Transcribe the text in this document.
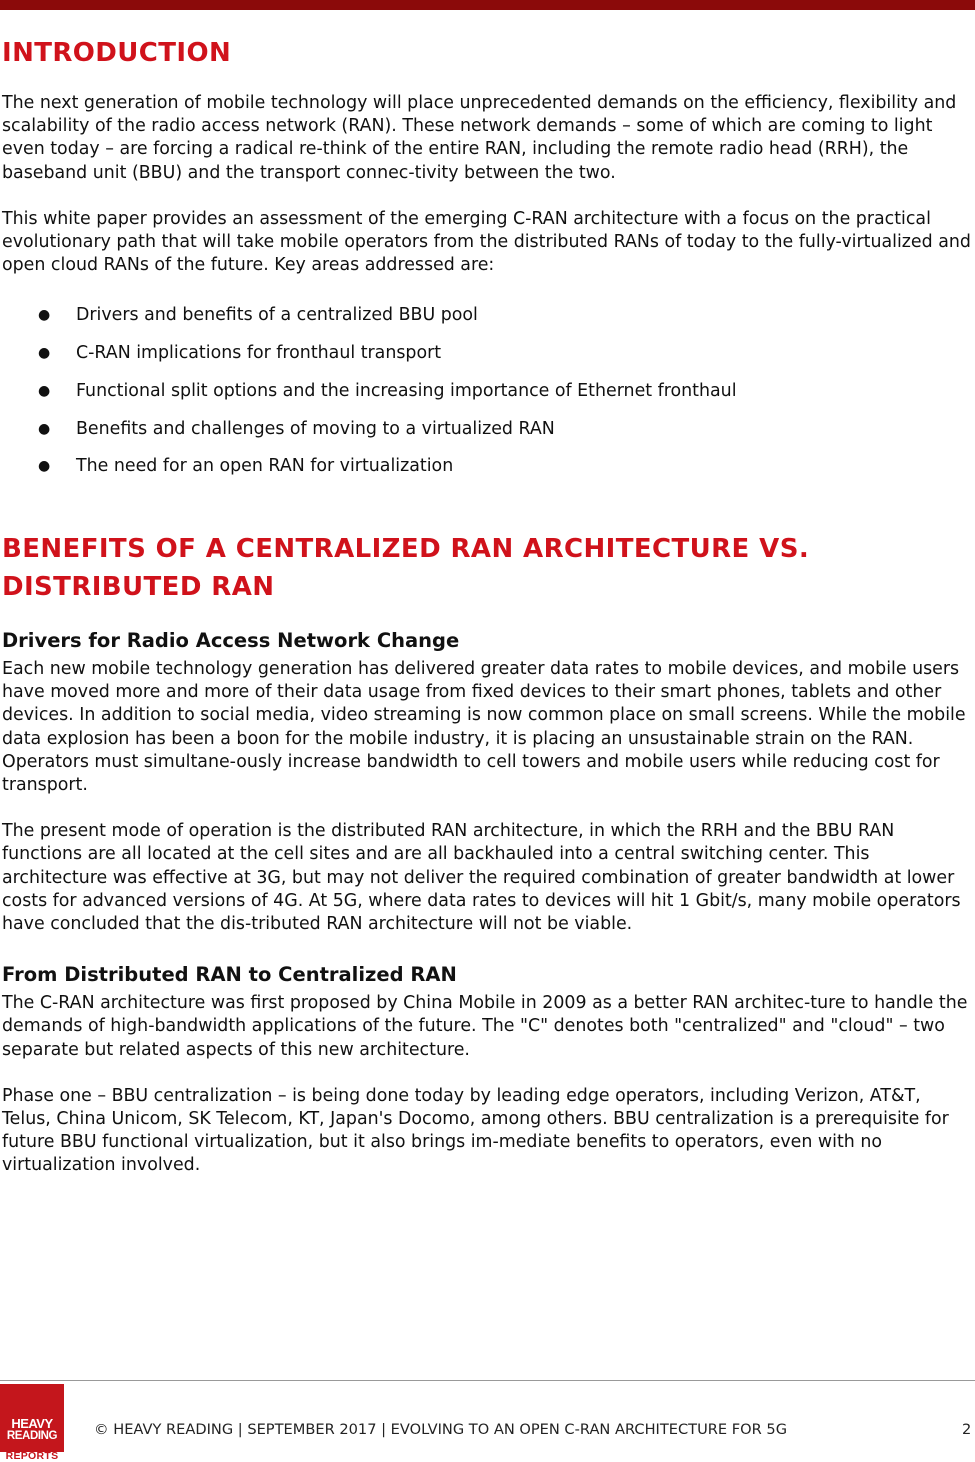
INTRODUCTION

The next generation of mobile technology will place unprecedented demands on the efficiency, flexibility and scalability of the radio access network (RAN). These network demands – some of which are coming to light even today – are forcing a radical re-think of the entire RAN, including the remote radio head (RRH), the baseband unit (BBU) and the transport connec-tivity between the two.

This white paper provides an assessment of the emerging C-RAN architecture with a focus on the practical evolutionary path that will take mobile operators from the distributed RANs of today to the fully-virtualized and open cloud RANs of the future. Key areas addressed are:

● Drivers and benefits of a centralized BBU pool
● C-RAN implications for fronthaul transport
● Functional split options and the increasing importance of Ethernet fronthaul
● Benefits and challenges of moving to a virtualized RAN
● The need for an open RAN for virtualization
BENEFITS OF A CENTRALIZED RAN ARCHITECTURE VS. DISTRIBUTED RAN
Drivers for Radio Access Network Change

Each new mobile technology generation has delivered greater data rates to mobile devices, and mobile users have moved more and more of their data usage from fixed devices to their smart phones, tablets and other devices. In addition to social media, video streaming is now common place on small screens. While the mobile data explosion has been a boon for the mobile industry, it is placing an unsustainable strain on the RAN. Operators must simultane-ously increase bandwidth to cell towers and mobile users while reducing cost for transport.

The present mode of operation is the distributed RAN architecture, in which the RRH and the BBU RAN functions are all located at the cell sites and are all backhauled into a central switching center. This architecture was effective at 3G, but may not deliver the required combination of greater bandwidth at lower costs for advanced versions of 4G. At 5G, where data rates to devices will hit 1 Gbit/s, many mobile operators have concluded that the dis-tributed RAN architecture will not be viable.

From Distributed RAN to Centralized RAN

The C-RAN architecture was first proposed by China Mobile in 2009 as a better RAN architec-ture to handle the demands of high-bandwidth applications of the future. The "C" denotes both "centralized" and "cloud" – two separate but related aspects of this new architecture.

Phase one – BBU centralization – is being done today by leading edge operators, including Verizon, AT&T, Telus, China Unicom, SK Telecom, KT, Japan's Docomo, among others. BBU centralization is a prerequisite for future BBU functional virtualization, but it also brings im-mediate benefits to operators, even with no virtualization involved.

HEAVY
READING
REPORTS
© HEAVY READING | SEPTEMBER 2017 | EVOLVING TO AN OPEN C-RAN ARCHITECTURE FOR 5G	2
